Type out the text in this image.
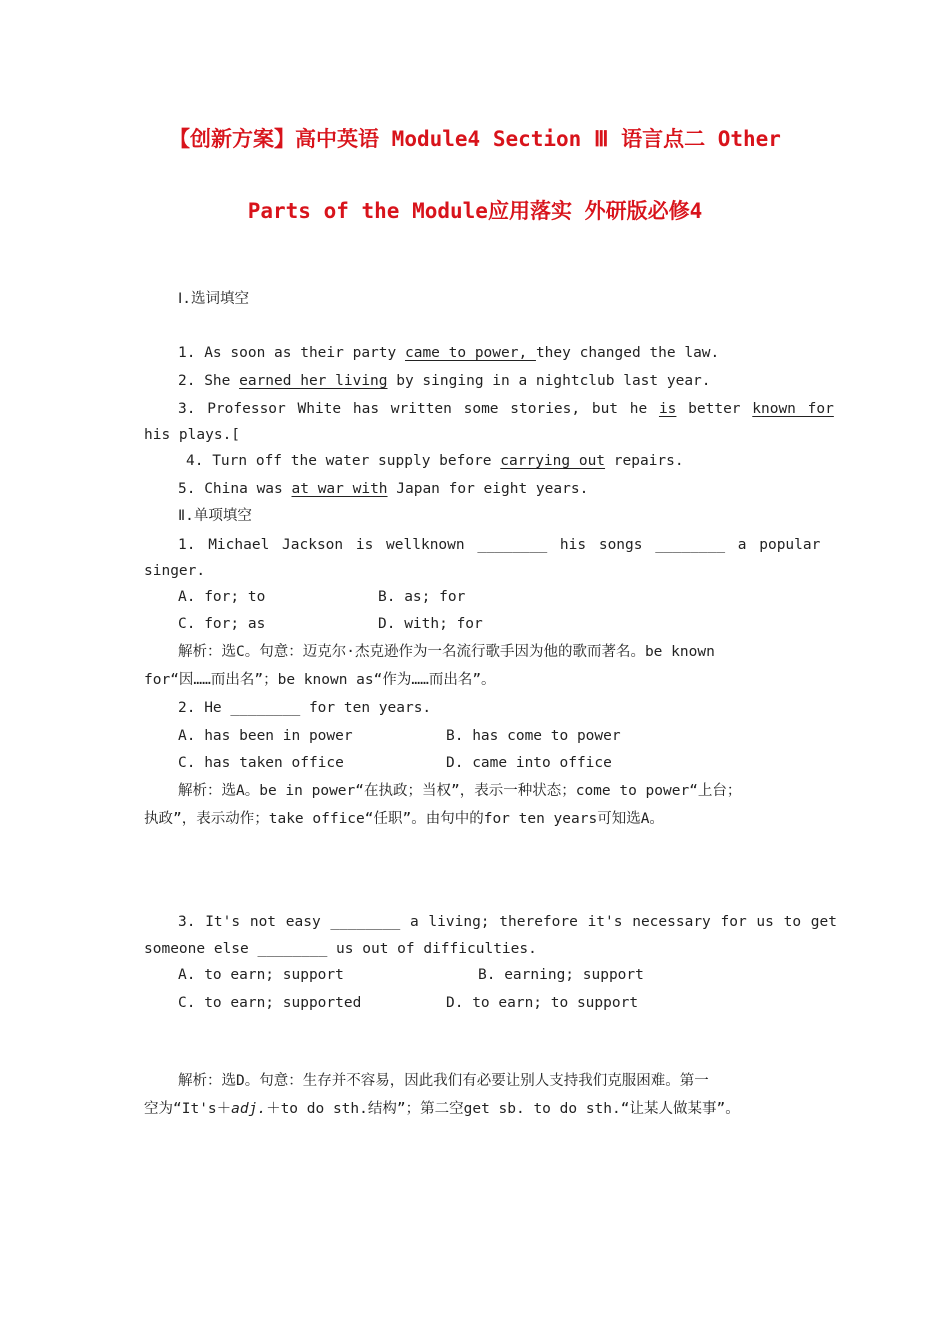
【创新方案】高中英语 Module4 Section Ⅲ 语言点二 Other
Parts of the Module应用落实 外研版必修4
Ⅰ.选词填空
1. As soon as their party came to power, they changed the law.
2. She earned her living by singing in a nightclub last year.
3. Professor White has written some stories, but he is better known for
his plays.[
4. Turn off the water supply before carrying out repairs.
5. China was at war with Japan for eight years.
Ⅱ.单项填空
1. Michael Jackson is wellknown ________ his songs ________ a popular
singer.
A. for; to	B. as; for
C. for; as	D. with; for
解析：选C。句意：迈克尔·杰克逊作为一名流行歌手因为他的歌而著名。be known
for“因……而出名”；be known as“作为……而出名”。
2. He ________ for ten years.
A. has been in power	B. has come to power
C. has taken office	D. came into office
解析：选A。be in power“在执政；当权”，表示一种状态；come to power“上台；
执政”，表示动作；take office“任职”。由句中的for ten years可知选A。
3. It's not easy ________ a living; therefore it's necessary for us to get
someone else ________ us out of difficulties.
A. to earn; support	B. earning; support
C. to earn; supported	D. to earn; to support
解析：选D。句意：生存并不容易，因此我们有必要让别人支持我们克服困难。第一
空为“It's＋adj.＋to do sth.结构”；第二空get sb. to do sth.“让某人做某事”。
